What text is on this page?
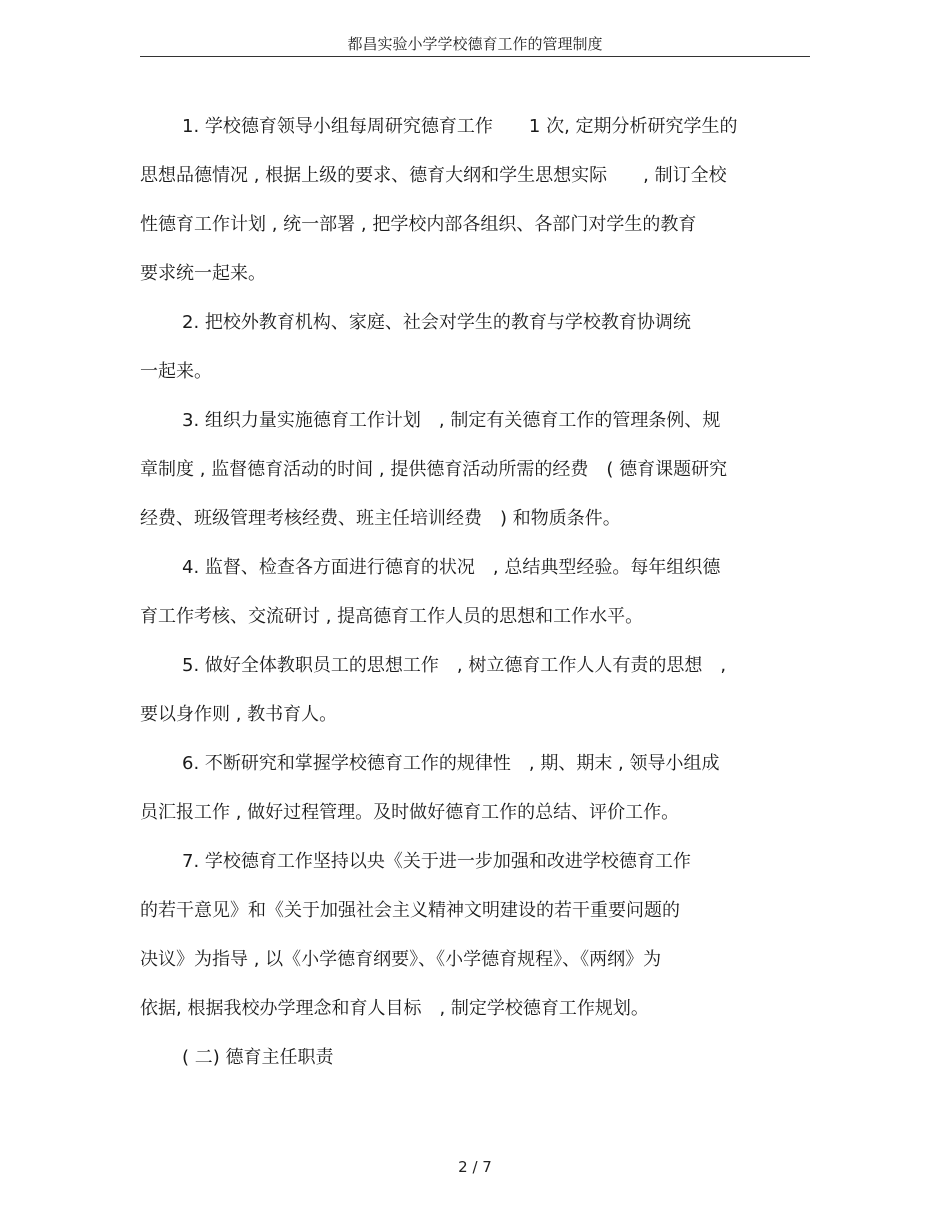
都昌实验小学学校德育工作的管理制度
1. 学校德育领导小组每周研究德育工作　　1 次, 定期分析研究学生的
思想品德情况 , 根据上级的要求、德育大纲和学生思想实际　　, 制订全校
性德育工作计划 , 统一部署 , 把学校内部各组织、各部门对学生的教育
要求统一起来。
2. 把校外教育机构、家庭、社会对学生的教育与学校教育协调统
一起来。
3. 组织力量实施德育工作计划　, 制定有关德育工作的管理条例、规
章制度 , 监督德育活动的时间 , 提供德育活动所需的经费　( 德育课题研究
经费、班级管理考核经费、班主任培训经费　) 和物质条件。
4. 监督、检查各方面进行德育的状况　, 总结典型经验。每年组织德
育工作考核、交流研讨 , 提高德育工作人员的思想和工作水平。
5. 做好全体教职员工的思想工作　, 树立德育工作人人有责的思想　,
要以身作则 , 教书育人。
6. 不断研究和掌握学校德育工作的规律性　, 期、期末 , 领导小组成
员汇报工作 , 做好过程管理。及时做好德育工作的总结、评价工作。
7. 学校德育工作坚持以央《关于进一步加强和改进学校德育工作
的若干意见》和《关于加强社会主义精神文明建设的若干重要问题的
决议》为指导 , 以《小学德育纲要》、《小学德育规程》、《两纲》为
依据, 根据我校办学理念和育人目标　, 制定学校德育工作规划。
( 二) 德育主任职责
2 / 7
